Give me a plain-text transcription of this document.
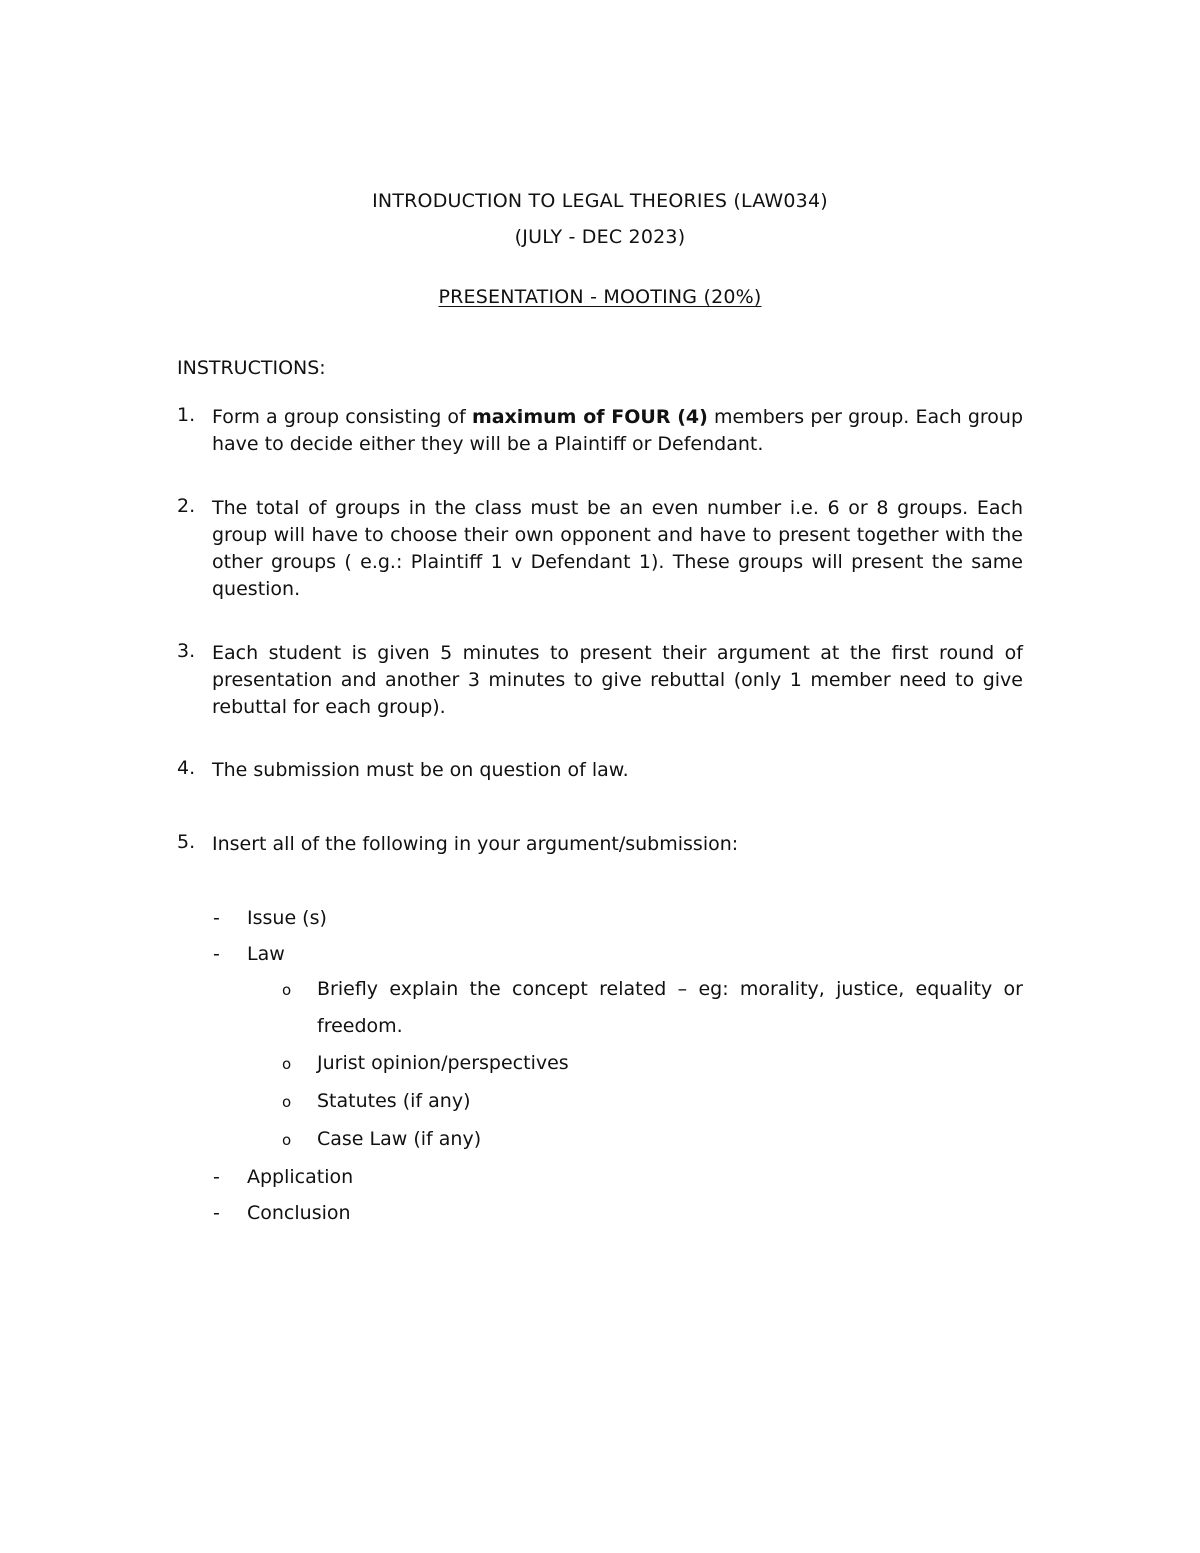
INTRODUCTION TO LEGAL THEORIES (LAW034)
(JULY - DEC 2023)
PRESENTATION - MOOTING (20%)
INSTRUCTIONS:
1. Form a group consisting of maximum of FOUR (4) members per group. Each group have to decide either they will be a Plaintiff or Defendant.
2. The total of groups in the class must be an even number i.e. 6 or 8 groups. Each group will have to choose their own opponent and have to present together with the other groups ( e.g.: Plaintiff 1 v Defendant 1). These groups will present the same question.
3. Each student is given 5 minutes to present their argument at the first round of presentation and another 3 minutes to give rebuttal (only 1 member need to give rebuttal for each group).
4. The submission must be on question of law.
5. Insert all of the following in your argument/submission:
- Issue (s)
- Law
o Briefly explain the concept related – eg: morality, justice, equality or freedom.
o Jurist opinion/perspectives
o Statutes (if any)
o Case Law (if any)
- Application
- Conclusion
